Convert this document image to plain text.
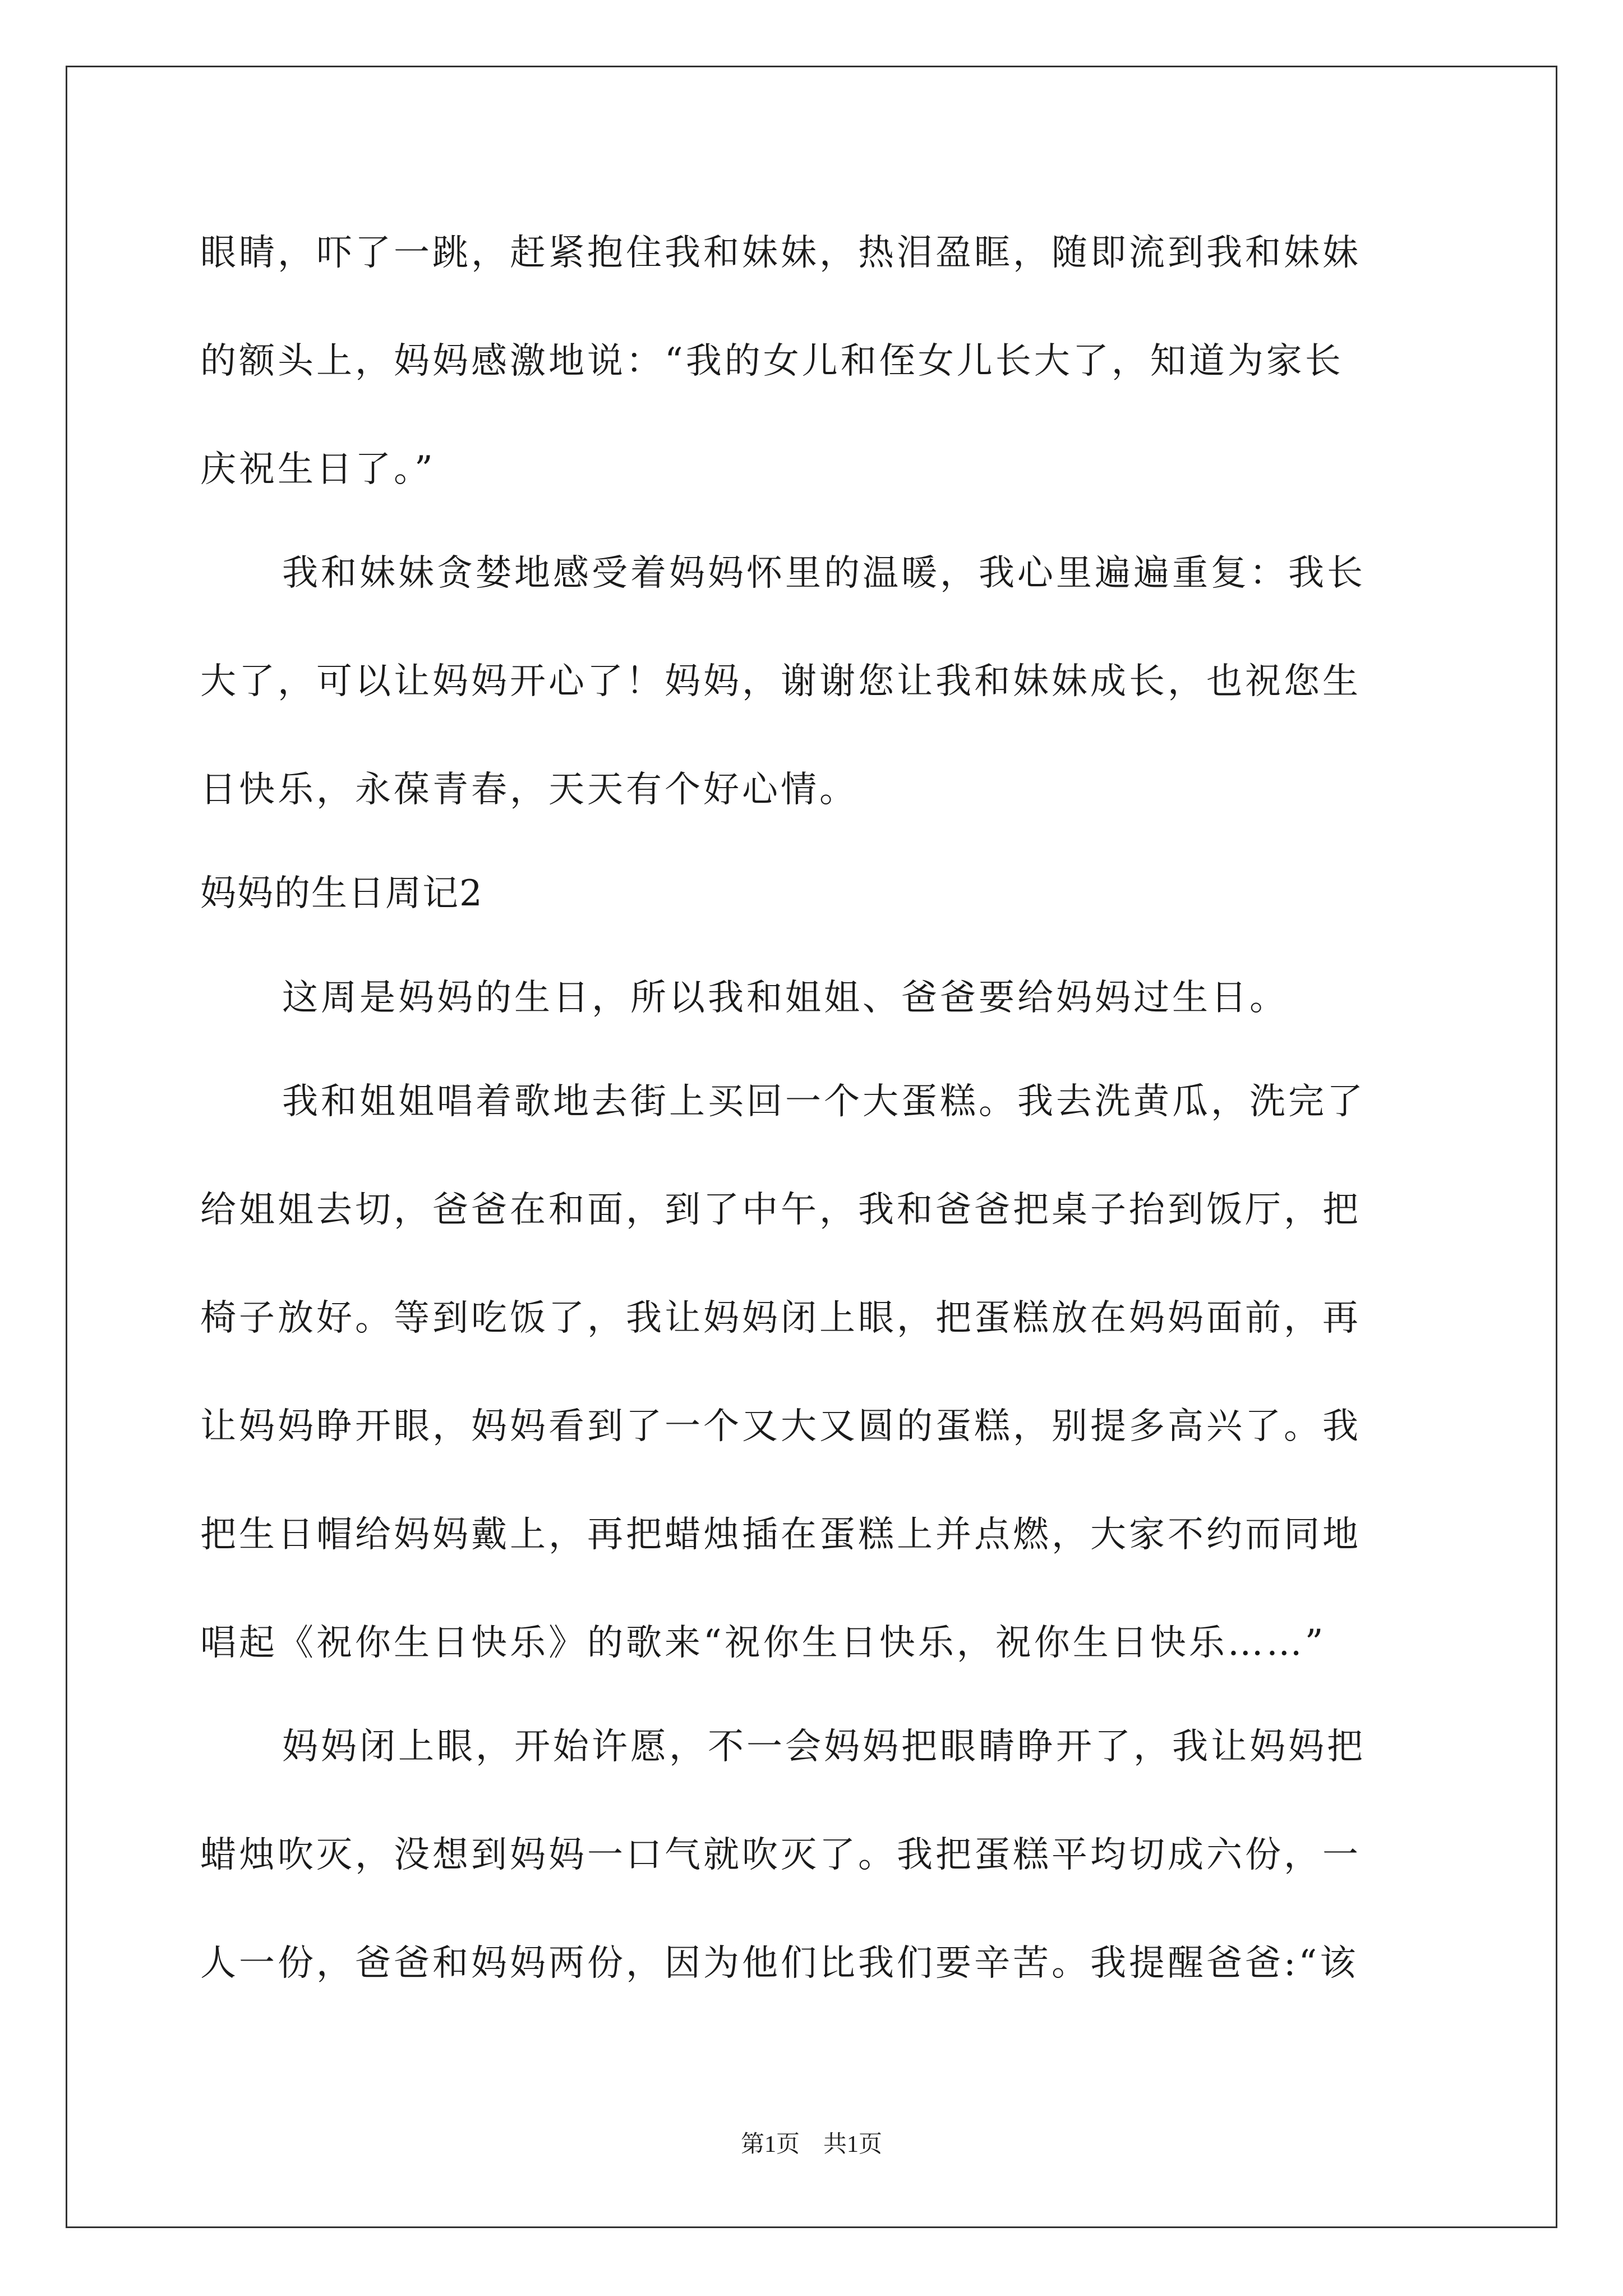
眼睛，吓了一跳，赶紧抱住我和妹妹，热泪盈眶，随即流到我和妹妹
的额头上，妈妈感激地说：“我的女儿和侄女儿长大了，知道为家长
庆祝生日了。”
我和妹妹贪婪地感受着妈妈怀里的温暖，我心里遍遍重复：我长
大了，可以让妈妈开心了！妈妈，谢谢您让我和妹妹成长，也祝您生
日快乐，永葆青春，天天有个好心情。
妈妈的生日周记2
这周是妈妈的生日，所以我和姐姐、爸爸要给妈妈过生日。
我和姐姐唱着歌地去街上买回一个大蛋糕。我去洗黄瓜，洗完了
给姐姐去切，爸爸在和面，到了中午，我和爸爸把桌子抬到饭厅，把
椅子放好。等到吃饭了，我让妈妈闭上眼，把蛋糕放在妈妈面前，再
让妈妈睁开眼，妈妈看到了一个又大又圆的蛋糕，别提多高兴了。我
把生日帽给妈妈戴上，再把蜡烛插在蛋糕上并点燃，大家不约而同地
唱起《祝你生日快乐》的歌来“祝你生日快乐，祝你生日快乐……”
妈妈闭上眼，开始许愿，不一会妈妈把眼睛睁开了，我让妈妈把
蜡烛吹灭，没想到妈妈一口气就吹灭了。我把蛋糕平均切成六份，一
人一份，爸爸和妈妈两份，因为他们比我们要辛苦。我提醒爸爸:“该
第1页　共1页
